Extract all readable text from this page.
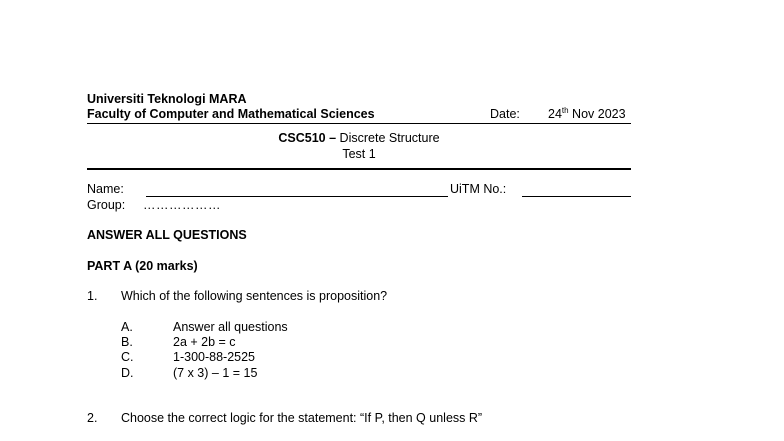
Universiti Teknologi MARA
Faculty of Computer and Mathematical Sciences	Date: 24th Nov 2023
CSC510 – Discrete Structure
Test 1
Name:	UiTM No.:
Group: ………………
ANSWER ALL QUESTIONS
PART A (20 marks)
1. Which of the following sentences is proposition?
A.	Answer all questions
B.	2a + 2b = c
C.	1-300-88-2525
D.	(7 x 3) – 1 = 15
2. Choose the correct logic for the statement: “If P, then Q unless R”
